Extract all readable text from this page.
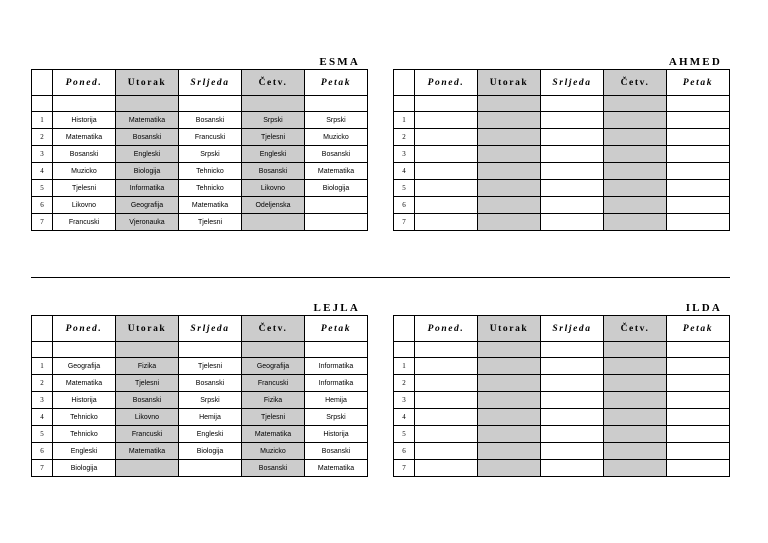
ESMA
	Poned.	Utorak	Srljeda	Četv.	Petak

1	Historija	Matematika	Bosanski	Srpski	Srpski
2	Matematika	Bosanski	Francuski	Tjelesni	Muzicko
3	Bosanski	Engleski	Srpski	Engleski	Bosanski
4	Muzicko	Biologija	Tehnicko	Bosanski	Matematika
5	Tjelesni	Informatika	Tehnicko	Likovno	Biologija
6	Likovno	Geografija	Matematika	Odeljenska	
7	Francuski	Vjeronauka	Tjelesni		
AHMED
	Poned.	Utorak	Srljeda	Četv.	Petak

1					
2					
3					
4					
5					
6					
7					
LEJLA
	Poned.	Utorak	Srljeda	Četv.	Petak

1	Geografija	Fizika	Tjelesni	Geografija	Informatika
2	Matematika	Tjelesni	Bosanski	Francuski	Informatika
3	Historija	Bosanski	Srpski	Fizika	Hemija
4	Tehnicko	Likovno	Hemija	Tjelesni	Srpski
5	Tehnicko	Francuski	Engleski	Matematika	Historija
6	Engleski	Matematika	Biologija	Muzicko	Bosanski
7	Biologija			Bosanski	Matematika
ILDA
	Poned.	Utorak	Srljeda	Četv.	Petak

1					
2					
3					
4					
5					
6					
7					
